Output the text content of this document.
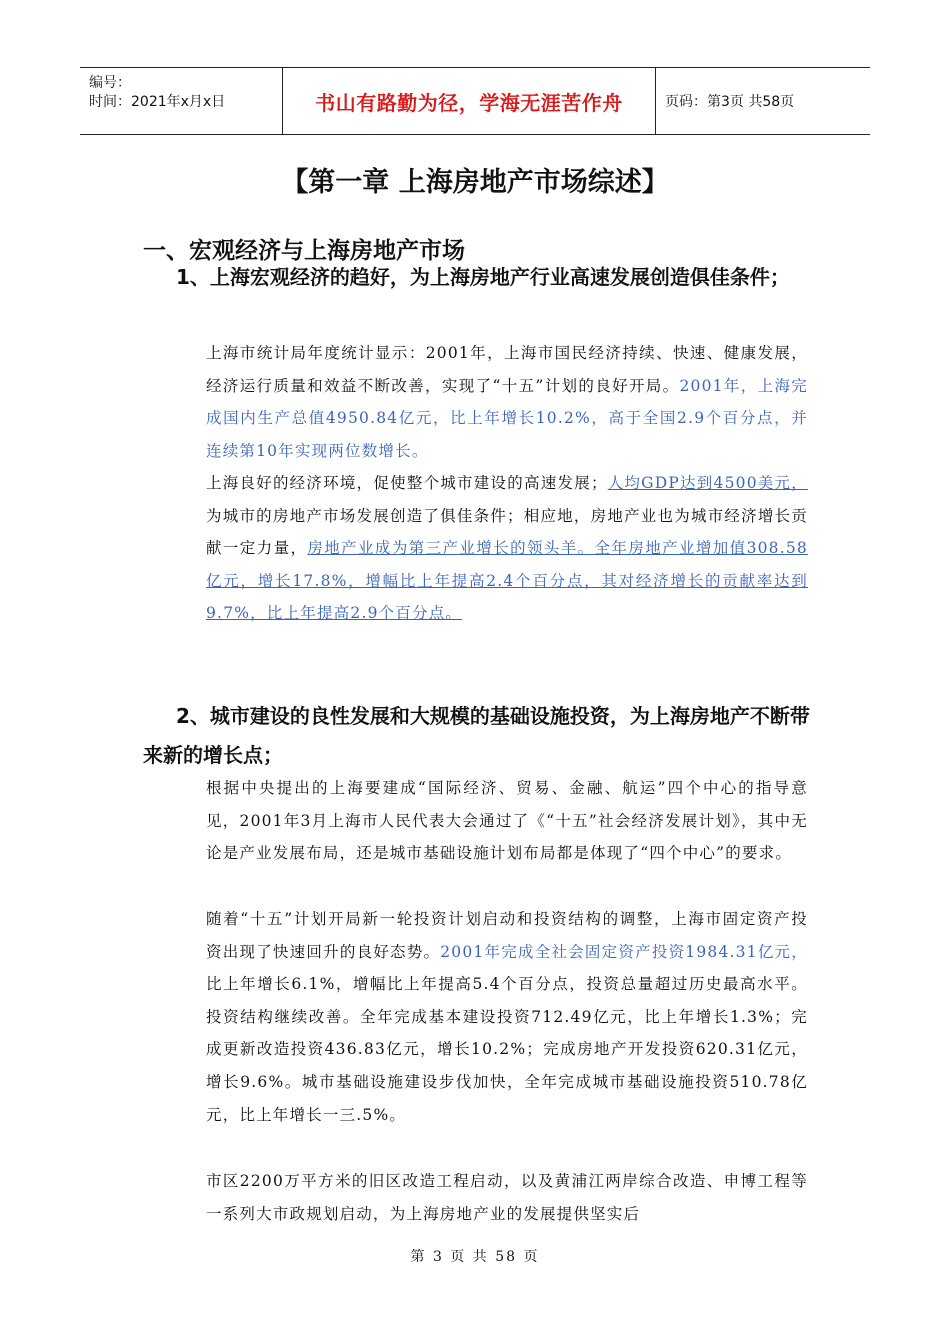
编号：
时间：2021年x月x日	书山有路勤为径，学海无涯苦作舟	页码：第3页 共58页
【第一章 上海房地产市场综述】
一、宏观经济与上海房地产市场
1、上海宏观经济的趋好，为上海房地产行业高速发展创造俱佳条件；
上海市统计局年度统计显示：2001年，上海市国民经济持续、快速、健康发展，经济运行质量和效益不断改善，实现了“十五”计划的良好开局。2001年，上海完成国内生产总值4950.84亿元，比上年增长10.2%，高于全国2.9个百分点，并连续第10年实现两位数增长。
上海良好的经济环境，促使整个城市建设的高速发展；人均GDP达到4500美元，为城市的房地产市场发展创造了俱佳条件；相应地，房地产业也为城市经济增长贡献一定力量，房地产业成为第三产业增长的领头羊。全年房地产业增加值308.58亿元，增长17.8%，增幅比上年提高2.4个百分点，其对经济增长的贡献率达到9.7%，比上年提高2.9个百分点。
2、城市建设的良性发展和大规模的基础设施投资，为上海房地产不断带来新的增长点；
根据中央提出的上海要建成“国际经济、贸易、金融、航运”四个中心的指导意见，2001年3月上海市人民代表大会通过了《“十五”社会经济发展计划》，其中无论是产业发展布局，还是城市基础设施计划布局都是体现了“四个中心”的要求。
随着“十五”计划开局新一轮投资计划启动和投资结构的调整，上海市固定资产投资出现了快速回升的良好态势。2001年完成全社会固定资产投资1984.31亿元，比上年增长6.1%，增幅比上年提高5.4个百分点，投资总量超过历史最高水平。投资结构继续改善。全年完成基本建设投资712.49亿元，比上年增长1.3%；完成更新改造投资436.83亿元，增长10.2%；完成房地产开发投资620.31亿元，增长9.6%。城市基础设施建设步伐加快，全年完成城市基础设施投资510.78亿元，比上年增长一三.5%。
市区2200万平方米的旧区改造工程启动，以及黄浦江两岸综合改造、申博工程等一系列大市政规划启动，为上海房地产业的发展提供坚实后
第 3 页 共 58 页
